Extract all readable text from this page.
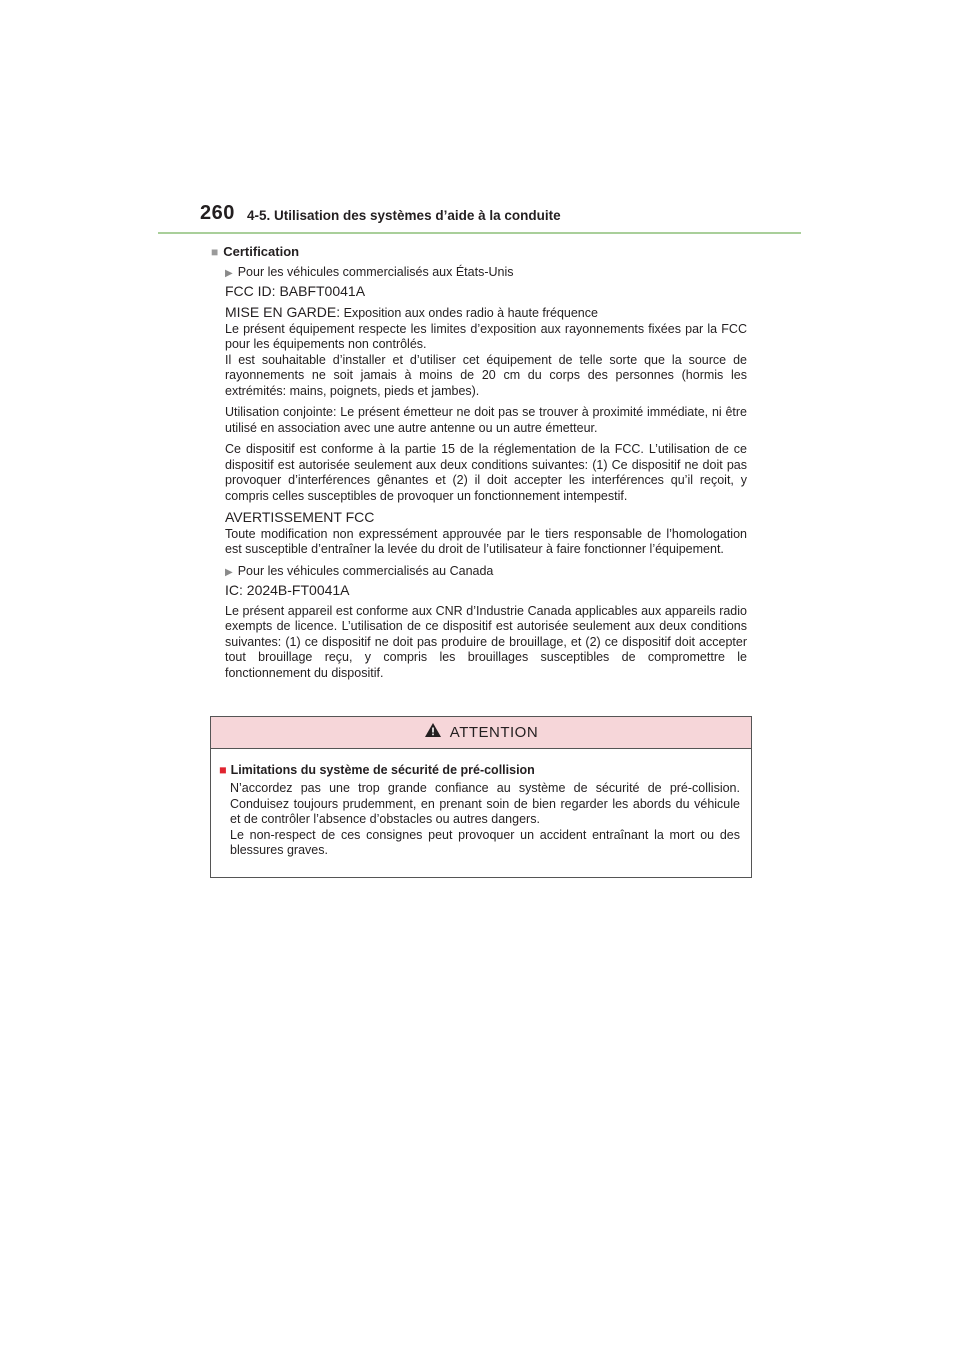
260 4-5. Utilisation des systèmes d’aide à la conduite
■ Certification
▶ Pour les véhicules commercialisés aux États-Unis
FCC ID: BABFT0041A
MISE EN GARDE: Exposition aux ondes radio à haute fréquence
Le présent équipement respecte les limites d’exposition aux rayonnements fixées par la FCC pour les équipements non contrôlés.
Il est souhaitable d’installer et d’utiliser cet équipement de telle sorte que la source de rayonnements ne soit jamais à moins de 20 cm du corps des personnes (hormis les extrémités: mains, poignets, pieds et jambes).
Utilisation conjointe: Le présent émetteur ne doit pas se trouver à proximité immédiate, ni être utilisé en association avec une autre antenne ou un autre émetteur.
Ce dispositif est conforme à la partie 15 de la réglementation de la FCC. L’utilisation de ce dispositif est autorisée seulement aux deux conditions suivantes: (1) Ce dispositif ne doit pas provoquer d’interférences gênantes et (2) il doit accepter les interférences qu’il reçoit, y compris celles susceptibles de provoquer un fonctionnement intempestif.
AVERTISSEMENT FCC
Toute modification non expressément approuvée par le tiers responsable de l’homologation est susceptible d’entraîner la levée du droit de l’utilisateur à faire fonctionner l’équipement.
▶ Pour les véhicules commercialisés au Canada
IC: 2024B-FT0041A
Le présent appareil est conforme aux CNR d’Industrie Canada applicables aux appareils radio exempts de licence. L’utilisation de ce dispositif est autorisée seulement aux deux conditions suivantes: (1) ce dispositif ne doit pas produire de brouillage, et (2) ce dispositif doit accepter tout brouillage reçu, y compris les brouillages susceptibles de compromettre le fonctionnement du dispositif.
ATTENTION
■ Limitations du système de sécurité de pré-collision
N’accordez pas une trop grande confiance au système de sécurité de pré-collision. Conduisez toujours prudemment, en prenant soin de bien regarder les abords du véhicule et de contrôler l’absence d’obstacles ou autres dangers.
Le non-respect de ces consignes peut provoquer un accident entraînant la mort ou des blessures graves.
